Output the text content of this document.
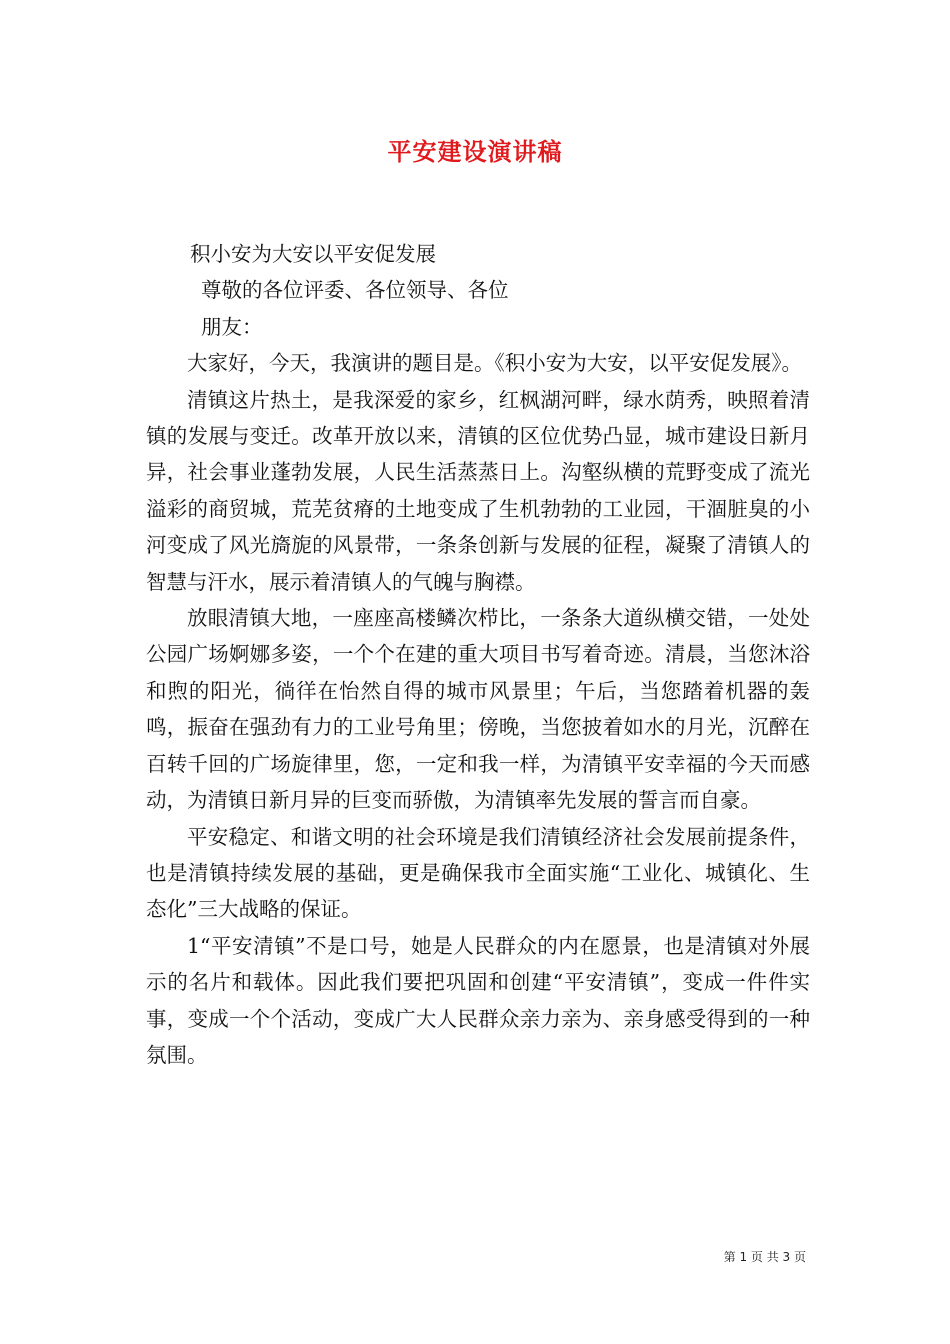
平安建设演讲稿

积小安为大安以平安促发展

尊敬的各位评委、各位领导、各位

朋友：

大家好，今天，我演讲的题目是。《积小安为大安，以平安促发展》。

清镇这片热土，是我深爱的家乡，红枫湖河畔，绿水荫秀，映照着清镇的发展与变迁。改革开放以来，清镇的区位优势凸显，城市建设日新月异，社会事业蓬勃发展，人民生活蒸蒸日上。沟壑纵横的荒野变成了流光溢彩的商贸城，荒芜贫瘠的土地变成了生机勃勃的工业园，干涸脏臭的小河变成了风光旖旎的风景带，一条条创新与发展的征程，凝聚了清镇人的智慧与汗水，展示着清镇人的气魄与胸襟。

放眼清镇大地，一座座高楼鳞次栉比，一条条大道纵横交错，一处处公园广场婀娜多姿，一个个在建的重大项目书写着奇迹。清晨，当您沐浴和煦的阳光，徜徉在怡然自得的城市风景里；午后，当您踏着机器的轰鸣，振奋在强劲有力的工业号角里；傍晚，当您披着如水的月光，沉醉在百转千回的广场旋律里，您，一定和我一样，为清镇平安幸福的今天而感动，为清镇日新月异的巨变而骄傲，为清镇率先发展的誓言而自豪。

平安稳定、和谐文明的社会环境是我们清镇经济社会发展前提条件，也是清镇持续发展的基础，更是确保我市全面实施“工业化、城镇化、生态化”三大战略的保证。

1“平安清镇”不是口号，她是人民群众的内在愿景，也是清镇对外展示的名片和载体。因此我们要把巩固和创建“平安清镇”，变成一件件实事，变成一个个活动，变成广大人民群众亲力亲为、亲身感受得到的一种氛围。

第 1 页 共 3 页
